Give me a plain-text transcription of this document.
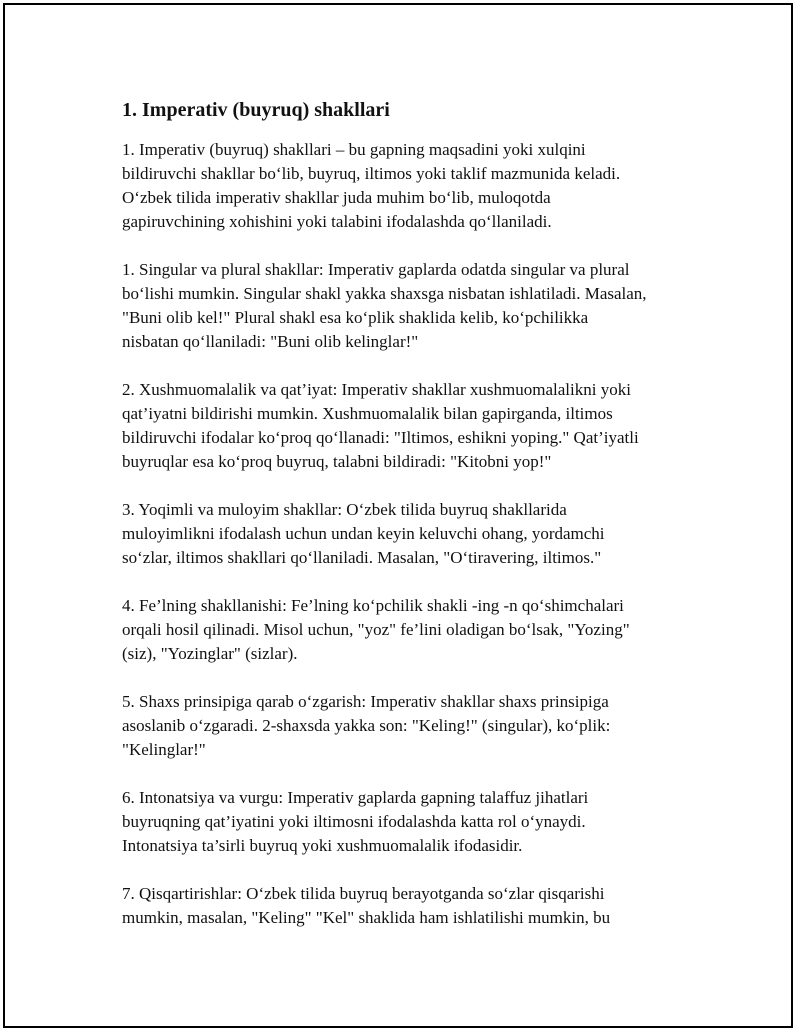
1. Imperativ (buyruq) shakllari

1. Imperativ (buyruq) shakllari – bu gapning maqsadini yoki xulqini
bildiruvchi shakllar bo‘lib, buyruq, iltimos yoki taklif mazmunida keladi.
O‘zbek tilida imperativ shakllar juda muhim bo‘lib, muloqotda
gapiruvchining xohishini yoki talabini ifodalashda qo‘llaniladi.

1. Singular va plural shakllar: Imperativ gaplarda odatda singular va plural
bo‘lishi mumkin. Singular shakl yakka shaxsga nisbatan ishlatiladi. Masalan,
"Buni olib kel!" Plural shakl esa ko‘plik shaklida kelib, ko‘pchilikka
nisbatan qo‘llaniladi: "Buni olib kelinglar!"

2. Xushmuomalalik va qat’iyat: Imperativ shakllar xushmuomalalikni yoki
qat’iyatni bildirishi mumkin. Xushmuomalalik bilan gapirganda, iltimos
bildiruvchi ifodalar ko‘proq qo‘llanadi: "Iltimos, eshikni yoping." Qat’iyatli
buyruqlar esa ko‘proq buyruq, talabni bildiradi: "Kitobni yop!"

3. Yoqimli va muloyim shakllar: O‘zbek tilida buyruq shakllarida
muloyimlikni ifodalash uchun undan keyin keluvchi ohang, yordamchi
so‘zlar, iltimos shakllari qo‘llaniladi. Masalan, "O‘tiravering, iltimos."

4. Fe’lning shakllanishi: Fe’lning ko‘pchilik shakli -ing -n qo‘shimchalari
orqali hosil qilinadi. Misol uchun, "yoz" fe’lini oladigan bo‘lsak, "Yozing"
(siz), "Yozinglar" (sizlar).

5. Shaxs prinsipiga qarab o‘zgarish: Imperativ shakllar shaxs prinsipiga
asoslanib o‘zgaradi. 2-shaxsda yakka son: "Keling!" (singular), ko‘plik:
"Kelinglar!"

6. Intonatsiya va vurgu: Imperativ gaplarda gapning talaffuz jihatlari
buyruqning qat’iyatini yoki iltimosni ifodalashda katta rol o‘ynaydi.
Intonatsiya ta’sirli buyruq yoki xushmuomalalik ifodasidir.

7. Qisqartirishlar: O‘zbek tilida buyruq berayotganda so‘zlar qisqarishi
mumkin, masalan, "Keling" "Kel" shaklida ham ishlatilishi mumkin, bu
